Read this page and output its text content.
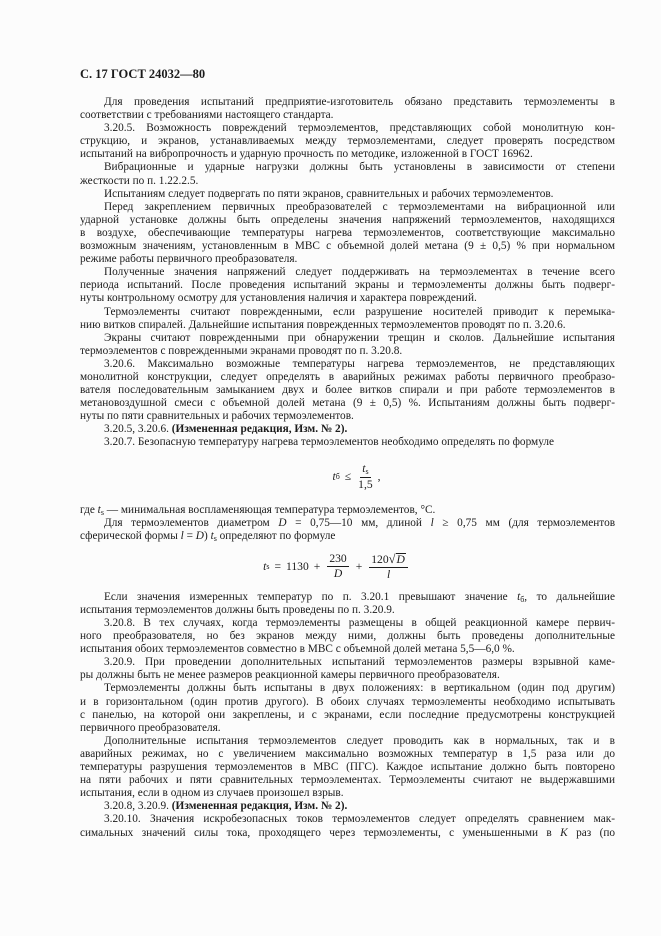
С. 17 ГОСТ 24032—80
Для проведения испытаний предприятие-изготовитель обязано представить термоэлементы в
соответствии с требованиями настоящего стандарта.
3.20.5. Возможность повреждений термоэлементов, представляющих собой монолитную кон-
струкцию, и экранов, устанавливаемых между термоэлементами, следует проверять посредством
испытаний на вибропрочность и ударную прочность по методике, изложенной в ГОСТ 16962.
Вибрационные и ударные нагрузки должны быть установлены в зависимости от степени
жесткости по п. 1.22.2.5.
Испытаниям следует подвергать по пяти экранов, сравнительных и рабочих термоэлементов.
Перед закреплением первичных преобразователей с термоэлементами на вибрационной или
ударной установке должны быть определены значения напряжений термоэлементов, находящихся
в воздухе, обеспечивающие температуры нагрева термоэлементов, соответствующие максимально
возможным значениям, установленным в МВС с объемной долей метана (9 ± 0,5) % при нормальном
режиме работы первичного преобразователя.
Полученные значения напряжений следует поддерживать на термоэлементах в течение всего
периода испытаний. После проведения испытаний экраны и термоэлементы должны быть подверг-
нуты контрольному осмотру для установления наличия и характера повреждений.
Термоэлементы считают поврежденными, если разрушение носителей приводит к перемыка-
нию витков спиралей. Дальнейшие испытания поврежденных термоэлементов проводят по п. 3.20.6.
Экраны считают поврежденными при обнаружении трещин и сколов. Дальнейшие испытания
термоэлементов с поврежденными экранами проводят по п. 3.20.8.
3.20.6. Максимально возможные температуры нагрева термоэлементов, не представляющих
монолитной конструкции, следует определять в аварийных режимах работы первичного преобразо-
вателя последовательным замыканием двух и более витков спирали и при работе термоэлементов в
метановоздушной смеси с объемной долей метана (9 ± 0,5) %. Испытаниям должны быть подверг-
нуты по пяти сравнительных и рабочих термоэлементов.
3.20.5, 3.20.6. (Измененная редакция, Изм. № 2).
3.20.7. Безопасную температуру нагрева термоэлементов необходимо определять по формуле
t $б \le \frac{t_s}{1,5}$ ,
где $t_s$ — минимальная воспламеняющая температура термоэлементов, °С.
Для термоэлементов диаметром D = 0,75—10 мм, длиной l ≥ 0,75 мм (для термоэлементов
сферической формы l = D) $t_s$ определяют по формуле
t $s = 1130 + \frac{230}{D} + \frac{120 √ D}{l}$
Если значения измеренных температур по п. 3.20.1 превышают значение $t_б$, то дальнейшие
испытания термоэлементов должны быть проведены по п. 3.20.9.
3.20.8. В тех случаях, когда термоэлементы размещены в общей реакционной камере первич-
ного преобразователя, но без экранов между ними, должны быть проведены дополнительные
испытания обоих термоэлементов совместно в МВС с объемной долей метана 5,5—6,0 %.
3.20.9. При проведении дополнительных испытаний термоэлементов размеры взрывной каме-
ры должны быть не менее размеров реакционной камеры первичного преобразователя.
Термоэлементы должны быть испытаны в двух положениях: в вертикальном (один под другим)
и в горизонтальном (один против другого). В обоих случаях термоэлементы необходимо испытывать
с панелью, на которой они закреплены, и с экранами, если последние предусмотрены конструкцией
первичного преобразователя.
Дополнительные испытания термоэлементов следует проводить как в нормальных, так и в
аварийных режимах, но с увеличением максимально возможных температур в 1,5 раза или до
температуры разрушения термоэлементов в МВС (ПГС). Каждое испытание должно быть повторено
на пяти рабочих и пяти сравнительных термоэлементах. Термоэлементы считают не выдержавшими
испытания, если в одном из случаев произошел взрыв.
3.20.8, 3.20.9. (Измененная редакция, Изм. № 2).
3.20.10. Значения искробезопасных токов термоэлементов следует определять сравнением мак-
симальных значений силы тока, проходящего через термоэлементы, с уменьшенными в K раз (по
